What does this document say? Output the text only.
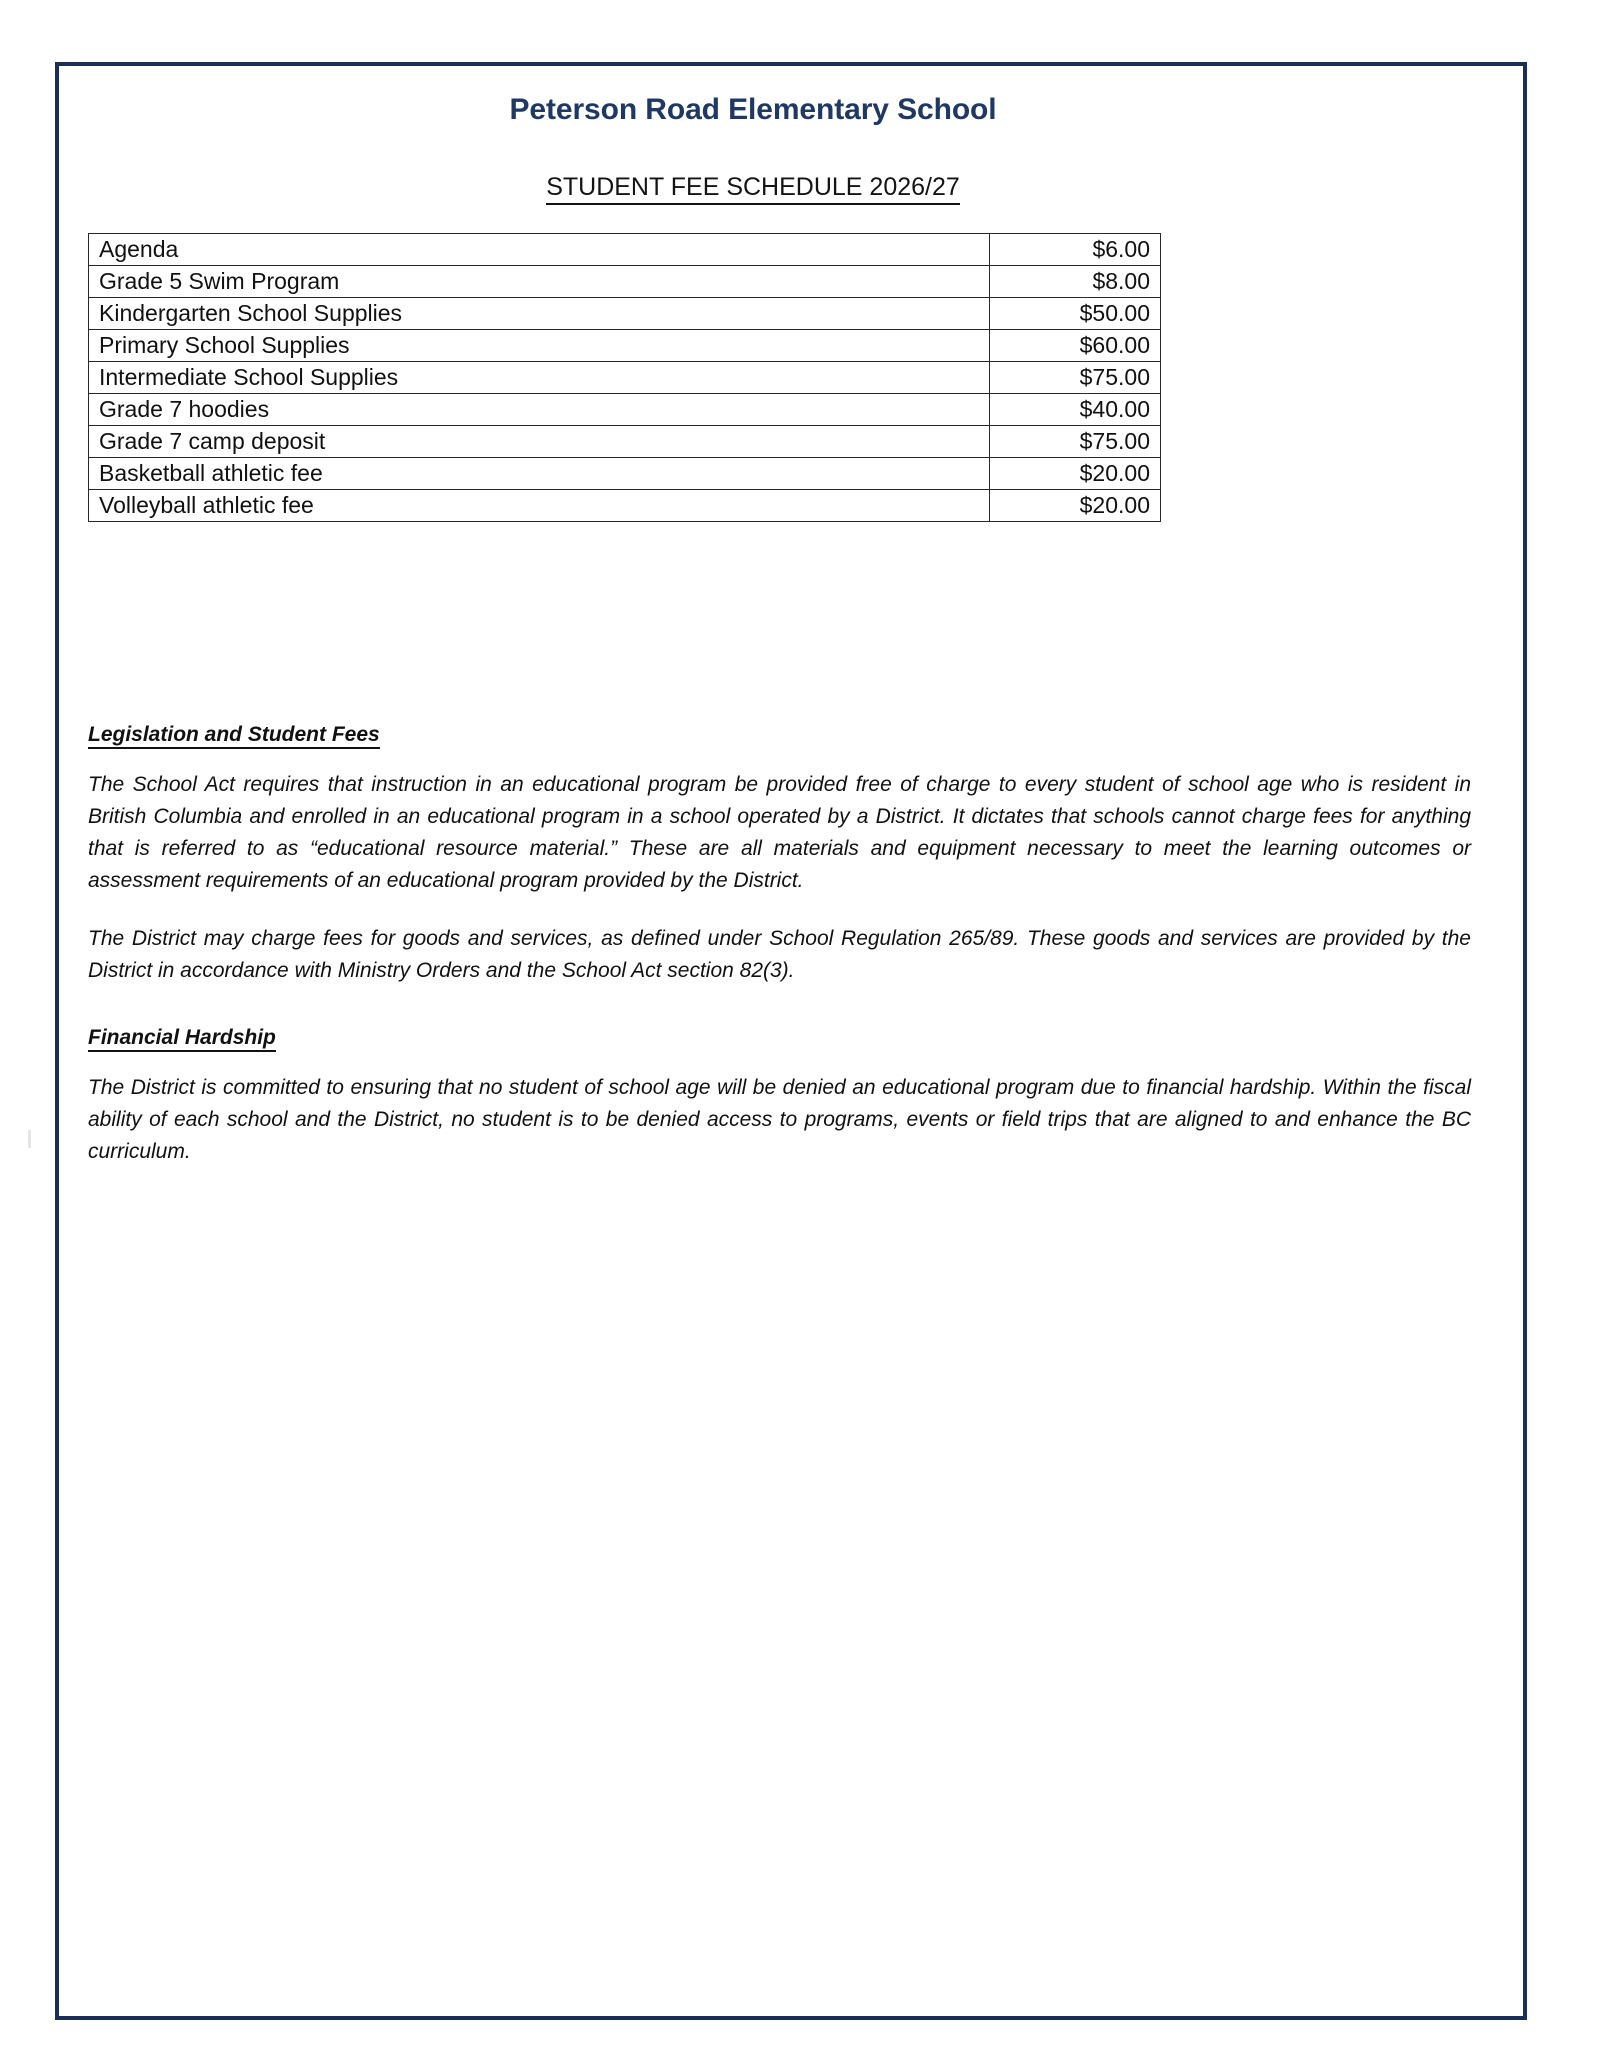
Peterson Road Elementary School
STUDENT FEE SCHEDULE 2026/27
Agenda	$6.00
Grade 5 Swim Program	$8.00
Kindergarten School Supplies	$50.00
Primary School Supplies	$60.00
Intermediate School Supplies	$75.00
Grade 7 hoodies	$40.00
Grade 7 camp deposit	$75.00
Basketball athletic fee	$20.00
Volleyball athletic fee	$20.00
Legislation and Student Fees

The School Act requires that instruction in an educational program be provided free of charge to every student of school age who is resident in British Columbia and enrolled in an educational program in a school operated by a District. It dictates that schools cannot charge fees for anything that is referred to as “educational resource material.” These are all materials and equipment necessary to meet the learning outcomes or assessment requirements of an educational program provided by the District.

The District may charge fees for goods and services, as defined under School Regulation 265/89. These goods and services are provided by the District in accordance with Ministry Orders and the School Act section 82(3).

Financial Hardship

The District is committed to ensuring that no student of school age will be denied an educational program due to financial hardship. Within the fiscal ability of each school and the District, no student is to be denied access to programs, events or field trips that are aligned to and enhance the BC curriculum.
